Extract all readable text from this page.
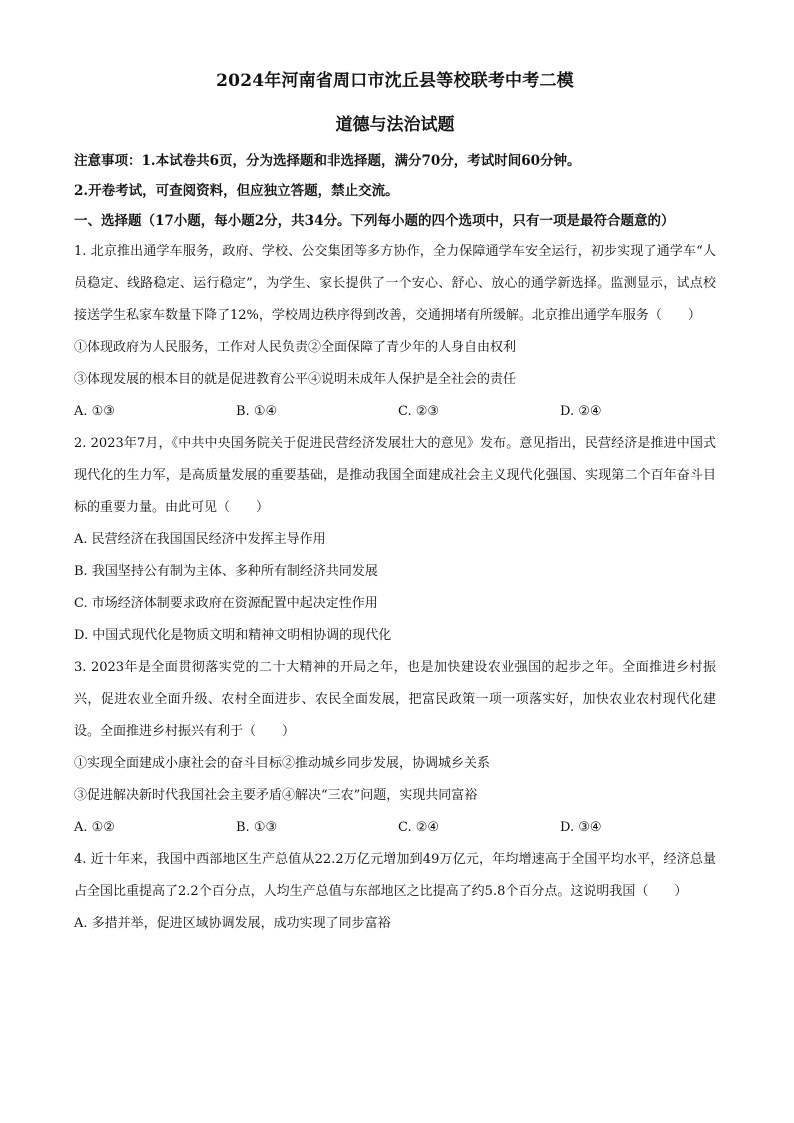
2024年河南省周口市沈丘县等校联考中考二模
道德与法治试题

注意事项：1.本试卷共6页，分为选择题和非选择题，满分70分，考试时间60分钟。

2.开卷考试，可查阅资料，但应独立答题，禁止交流。

一、选择题（17小题，每小题2分，共34分。下列每小题的四个选项中，只有一项是最符合题意的）

1. 北京推出通学车服务，政府、学校、公交集团等多方协作，全力保障通学车安全运行，初步实现了通学车“人员稳定、线路稳定、运行稳定”，为学生、家长提供了一个安心、舒心、放心的通学新选择。监测显示，试点校接送学生私家车数量下降了12%，学校周边秩序得到改善，交通拥堵有所缓解。北京推出通学车服务（　　）

①体现政府为人民服务，工作对人民负责②全面保障了青少年的人身自由权利

③体现发展的根本目的就是促进教育公平④说明未成年人保护是全社会的责任

A. ①③	B. ①④	C. ②③	D. ②④

2. 2023年7月，《中共中央国务院关于促进民营经济发展壮大的意见》发布。意见指出，民营经济是推进中国式现代化的生力军，是高质量发展的重要基础，是推动我国全面建成社会主义现代化强国、实现第二个百年奋斗目标的重要力量。由此可见（　　）

A. 民营经济在我国国民经济中发挥主导作用

B. 我国坚持公有制为主体、多种所有制经济共同发展

C. 市场经济体制要求政府在资源配置中起决定性作用

D. 中国式现代化是物质文明和精神文明相协调的现代化

3. 2023年是全面贯彻落实党的二十大精神的开局之年，也是加快建设农业强国的起步之年。全面推进乡村振兴，促进农业全面升级、农村全面进步、农民全面发展，把富民政策一项一项落实好，加快农业农村现代化建设。全面推进乡村振兴有利于（　　）

①实现全面建成小康社会的奋斗目标②推动城乡同步发展，协调城乡关系

③促进解决新时代我国社会主要矛盾④解决“三农”问题，实现共同富裕

A. ①②	B. ①③	C. ②④	D. ③④

4. 近十年来，我国中西部地区生产总值从22.2万亿元增加到49万亿元，年均增速高于全国平均水平，经济总量占全国比重提高了2.2个百分点，人均生产总值与东部地区之比提高了约5.8个百分点。这说明我国（　　）

A. 多措并举，促进区域协调发展，成功实现了同步富裕
